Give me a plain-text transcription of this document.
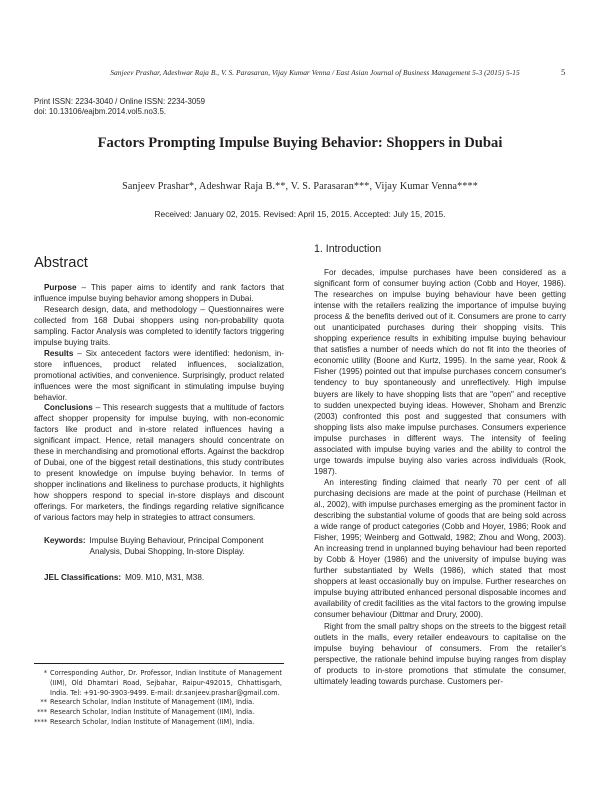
Sanjeev Prashar, Adeshwar Raja B., V. S. Parasaran, Vijay Kumar Venna / East Asian Journal of Business Management 5-3 (2015) 5-15	5
Print ISSN: 2234-3040 / Online ISSN: 2234-3059
doi: 10.13106/eajbm.2014.vol5.no3.5.
Factors Prompting Impulse Buying Behavior: Shoppers in Dubai
Sanjeev Prashar*, Adeshwar Raja B.**, V. S. Parasaran***, Vijay Kumar Venna****
Received: January 02, 2015. Revised: April 15, 2015. Accepted: July 15, 2015.
Abstract

Purpose – This paper aims to identify and rank factors that influence impulse buying behavior among shoppers in Dubai.

Research design, data, and methodology – Questionnaires were collected from 168 Dubai shoppers using non-probability quota sampling. Factor Analysis was completed to identify factors triggering impulse buying traits.

Results – Six antecedent factors were identified: hedonism, in-store influences, product related influences, socialization, promotional activities, and convenience. Surprisingly, product related influences were the most significant in stimulating impulse buying behavior.

Conclusions – This research suggests that a multitude of factors affect shopper propensity for impulse buying, with non-economic factors like product and in-store related influences having a significant impact. Hence, retail managers should concentrate on these in merchandising and promotional efforts. Against the backdrop of Dubai, one of the biggest retail destinations, this study contributes to present knowledge on impulse buying behavior. In terms of shopper inclinations and likeliness to purchase products, it highlights how shoppers respond to special in-store displays and discount offerings. For marketers, the findings regarding relative significance of various factors may help in strategies to attract consumers.

Keywords: Impulse Buying Behaviour, Principal Component Analysis, Dubai Shopping, In-store Display.
JEL Classifications: M09. M10, M31, M38.
* Corresponding Author, Dr. Professor, Indian Institute of Management (IIM), Old Dhamtari Road, Sejbahar, Raipur-492015, Chhattisgarh, India. Tel: +91-90-3903-9499. E-mail: dr.sanjeev.prashar@gmail.com.
** Research Scholar, Indian Institute of Management (IIM), India.
*** Research Scholar, Indian Institute of Management (IIM), India.
**** Research Scholar, Indian Institute of Management (IIM), India.
1. Introduction

For decades, impulse purchases have been considered as a significant form of consumer buying action (Cobb and Hoyer, 1986). The researches on impulse buying behaviour have been getting intense with the retailers realizing the importance of impulse buying process & the benefits derived out of it. Consumers are prone to carry out unanticipated purchases during their shopping visits. This shopping experience results in exhibiting impulse buying behaviour that satisfies a number of needs which do not fit into the theories of economic utility (Boone and Kurtz, 1995). In the same year, Rook & Fisher (1995) pointed out that impulse purchases concern consumer's tendency to buy spontaneously and unreflectively. High impulse buyers are likely to have shopping lists that are "open" and receptive to sudden unexpected buying ideas. However, Shoham and Brenzic (2003) confronted this post and suggested that consumers with shopping lists also make impulse purchases. Consumers experience impulse purchases in different ways. The intensity of feeling associated with impulse buying varies and the ability to control the urge towards impulse buying also varies across individuals (Rook, 1987).

An interesting finding claimed that nearly 70 per cent of all purchasing decisions are made at the point of purchase (Heilman et al., 2002), with impulse purchases emerging as the prominent factor in describing the substantial volume of goods that are being sold across a wide range of product categories (Cobb and Hoyer, 1986; Rook and Fisher, 1995; Weinberg and Gottwald, 1982; Zhou and Wong, 2003). An increasing trend in unplanned buying behaviour had been reported by Cobb & Hoyer (1986) and the university of impulse buying was further substantiated by Wells (1986), which stated that most shoppers at least occasionally buy on impulse. Further researches on impulse buying attributed enhanced personal disposable incomes and availability of credit facilities as the vital factors to the growing impulse consumer behaviour (Dittmar and Drury, 2000).

Right from the small paltry shops on the streets to the biggest retail outlets in the malls, every retailer endeavours to capitalise on the impulse buying behaviour of consumers. From the retailer's perspective, the rationale behind impulse buying ranges from display of products to in-store promotions that stimulate the consumer, ultimately leading towards purchase. Customers per-
